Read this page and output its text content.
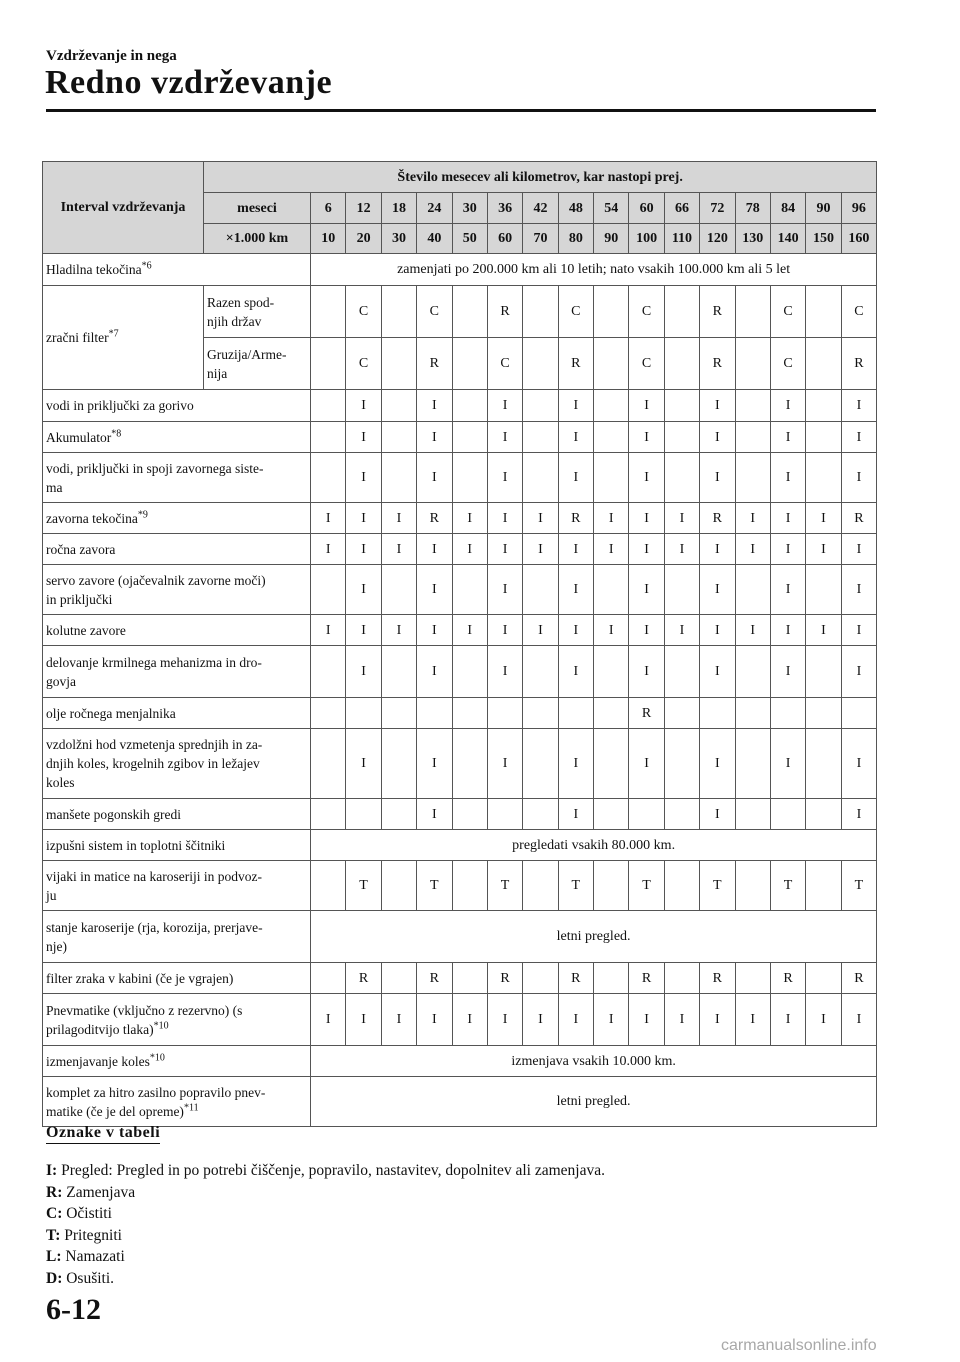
Vzdrževanje in nega
Redno vzdrževanje
Interval vzdrževanja	Število mesecev ali kilometrov, kar nastopi prej.																
	meseci	6	12	18	24	30	36	42	48	54	60	66	72	78	84	90	96
	×1.000 km	10	20	30	40	50	60	70	80	90	100	110	120	130	140	150	160
Hladilna tekočina$^{*6}$		zamenjati po 200.000 km ali 10 letih; nato vsakih 100.000 km ali 5 let															
zračni filter$^{*7}$	Razen spod-
njih držav		C		C		R		C		C		R		C		C
	Gruzija/Arme-
nija		C		R		C		R		C		R		C		R
vodi in priključki za gorivo			I		I		I		I		I		I		I		I
Akumulator$^{*8}$			I		I		I		I		I		I		I		I
vodi, priključki in spoji zavornega siste-
ma			I		I		I		I		I		I		I		I
zavorna tekočina$^{*9}$		I	I	I	R	I	I	I	R	I	I	I	R	I	I	I	R
ročna zavora		I	I	I	I	I	I	I	I	I	I	I	I	I	I	I	I
servo zavore (ojačevalnik zavorne moči)
in priključki			I		I		I		I		I		I		I		I
kolutne zavore		I	I	I	I	I	I	I	I	I	I	I	I	I	I	I	I
delovanje krmilnega mehanizma in dro-
govja			I		I		I		I		I		I		I		I
olje ročnega menjalnika											R						
vzdolžni hod vzmetenja sprednjih in za-
dnjih koles, krogelnih zgibov in ležajev
koles			I		I		I		I		I		I		I		I
manšete pogonskih gredi					I				I				I				I
izpušni sistem in toplotni ščitniki		pregledati vsakih 80.000 km.															
vijaki in matice na karoseriji in podvoz-
ju			T		T		T		T		T		T		T		T
stanje karoserije (rja, korozija, prerjave-
nje)		letni pregled.															
filter zraka v kabini (če je vgrajen)			R		R		R		R		R		R		R		R
Pnevmatike (vključno z rezervno) (s
prilagoditvijo tlaka)$^{*10}$		I	I	I	I	I	I	I	I	I	I	I	I	I	I	I	I
izmenjavanje koles$^{*10}$		izmenjava vsakih 10.000 km.															
komplet za hitro zasilno popravilo pnev-
matike (če je del opreme)$^{*11}$		letni pregled.															
Oznake v tabeli
I: Pregled: Pregled in po potrebi čiščenje, popravilo, nastavitev, dopolnitev ali zamenjava.
R: Zamenjava
C: Očistiti
T: Pritegniti
L: Namazati
D: Osušiti.
6-12
carmanualsonline.info
